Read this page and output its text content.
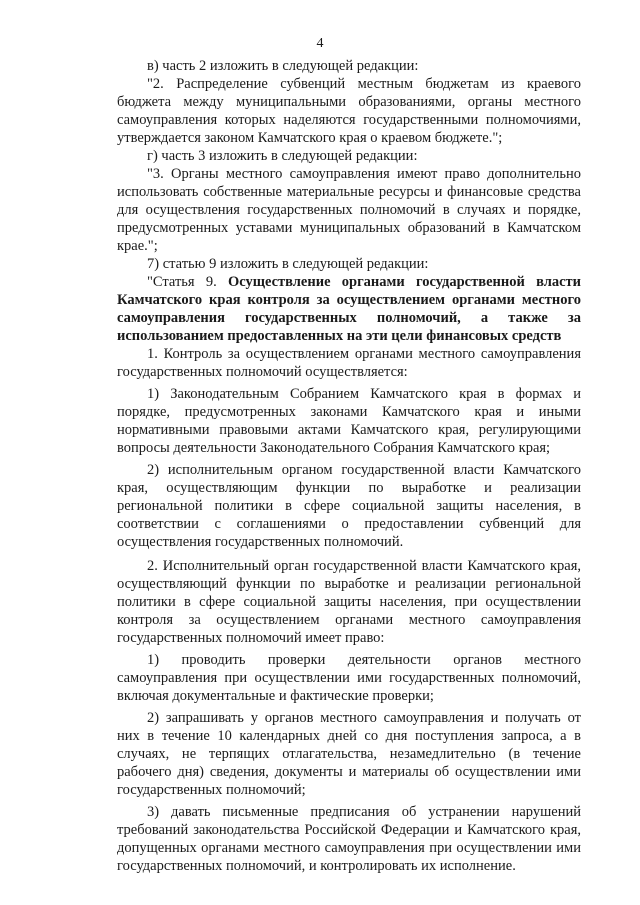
4

в) часть 2 изложить в следующей редакции:

"2. Распределение субвенций местным бюджетам из краевого бюджета между муниципальными образованиями, органы местного самоуправления которых наделяются государственными полномочиями, утверждается законом Камчатского края о краевом бюджете.";

г) часть 3 изложить в следующей редакции:

"3. Органы местного самоуправления имеют право дополнительно использовать собственные материальные ресурсы и финансовые средства для осуществления государственных полномочий в случаях и порядке, предусмотренных уставами муниципальных образований в Камчатском крае.";

7) статью 9 изложить в следующей редакции:

"Статья 9. Осуществление органами государственной власти Камчатского края контроля за осуществлением органами местного самоуправления государственных полномочий, а также за использованием предоставленных на эти цели финансовых средств

1. Контроль за осуществлением органами местного самоуправления государственных полномочий осуществляется:

1) Законодательным Собранием Камчатского края в формах и порядке, предусмотренных законами Камчатского края и иными нормативными правовыми актами Камчатского края, регулирующими вопросы деятельности Законодательного Собрания Камчатского края;

2) исполнительным органом государственной власти Камчатского края, осуществляющим функции по выработке и реализации региональной политики в сфере социальной защиты населения, в соответствии с соглашениями о предоставлении субвенций для осуществления государственных полномочий.

2. Исполнительный орган государственной власти Камчатского края, осуществляющий функции по выработке и реализации региональной политики в сфере социальной защиты населения, при осуществлении контроля за осуществлением органами местного самоуправления государственных полномочий имеет право:

1) проводить проверки деятельности органов местного самоуправления при осуществлении ими государственных полномочий, включая документальные и фактические проверки;

2) запрашивать у органов местного самоуправления и получать от них в течение 10 календарных дней со дня поступления запроса, а в случаях, не терпящих отлагательства, незамедлительно (в течение рабочего дня) сведения, документы и материалы об осуществлении ими государственных полномочий;

3) давать письменные предписания об устранении нарушений требований законодательства Российской Федерации и Камчатского края, допущенных органами местного самоуправления при осуществлении ими государственных полномочий, и контролировать их исполнение.
